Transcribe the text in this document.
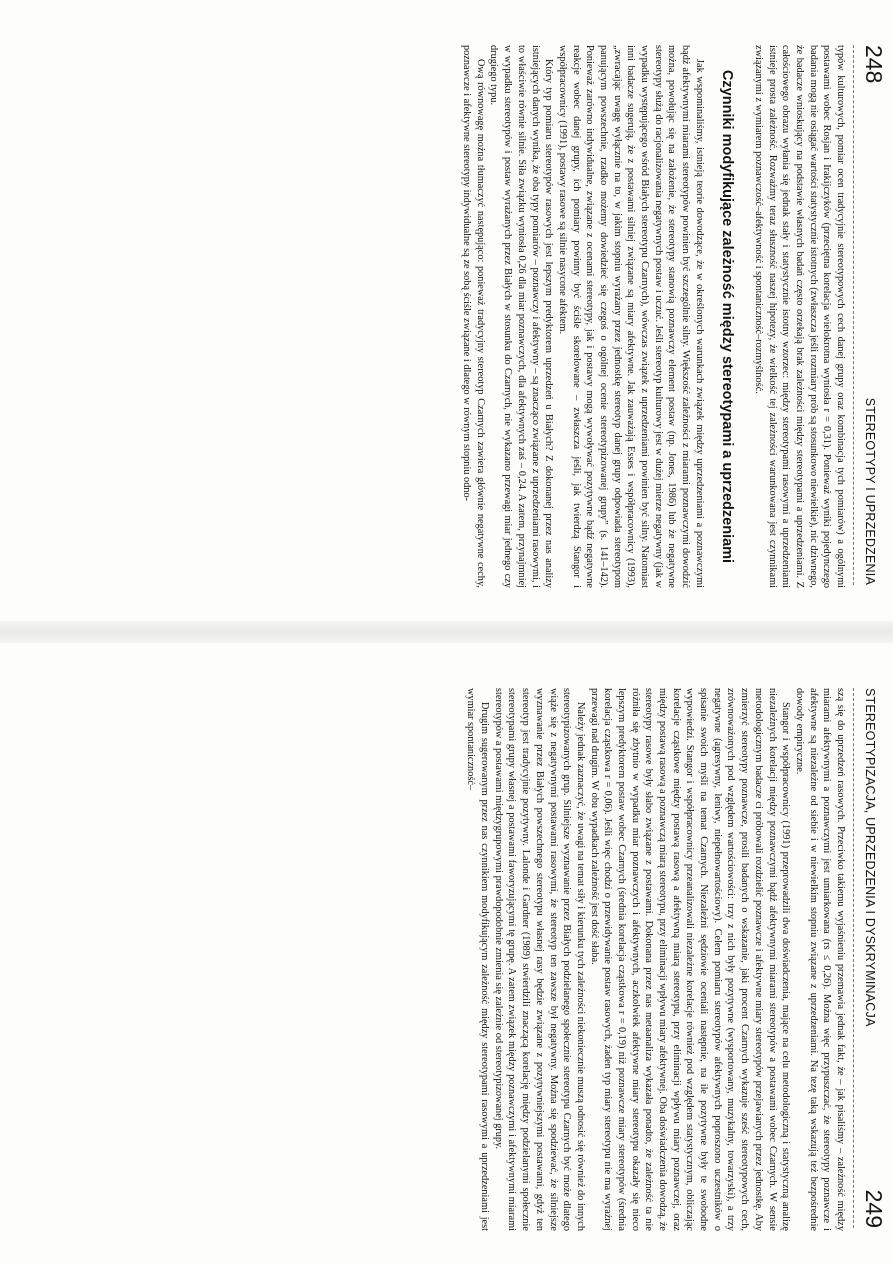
248
STEREOTYPY I UPRZEDZENIA

typów kulturowych, pomiar ocen tradycyjnie stereotypowych cech danej grupy oraz kombinacja tych pomiarów) a ogólnymi postawami wobec Rosjan i Irakijczyków (przeciętna korelacja wielokrotna wyniosła r = 0,31). Ponieważ wyniki pojedynczego badania mogą nie osiągać wartości statystycznie istotnych (zwłaszcza jeśli rozmiary prób są stosunkowo niewielkie), nic dziwnego, że badacze wnioskujący na podstawie własnych badań często orzekają brak zależności między stereotypami a uprzedzeniami. Z całościowego obrazu wyłania się jednak stały i statystycznie istotny wzorzec: między stereotypami rasowymi a uprzedzeniami istnieje prosta zależność. Rozważmy teraz słuszność naszej hipotezy, że wielkość tej zależności warunkowana jest czynnikami związanymi z wymiarem poznawczość–afektywność i spontaniczność–rozmyślność.

Czynniki modyfikujące zależność między stereotypami a uprzedzeniami

Jak wspominaliśmy, istnieją teorie dowodzące, że w określonych warunkach związek między uprzedzeniami a poznawczymi bądź afektywnymi miarami stereotypów powinien być szczególnie silny. Większość zależności z miarami poznawczymi dowodzić można, powołując się na założenie, że stereotypy stanowią poznawczy element postaw (np. Jones, 1986) lub że negatywne stereotypy służą do racjonalizowania negatywnych postaw i uczuć. Jeśli stereotyp kulturowy jest w dużej mierze negatywny (jak w wypadku występującego wśród Białych stereotypu Czarnych), wówczas związek z uprzedzeniami powinien być silny. Natomiast inni badacze sugerują, że z postawami silniej związane są miary afektywne. Jak zauważają Esses i współpracownicy (1993), „zwracając uwagę wyłącznie na to, w jakim stopniu wyrażany przez jednostkę stereotyp danej grupy odpowiada stereotypom panującym powszechnie, rzadko możemy dowiedzieć się czegoś o ogólnej ocenie stereotypizowanej grupy” (s. 141–142). Ponieważ zarówno indywidualne, związane z ocenami stereotypy, jak i postawy mogą wywoływać pozytywne bądź negatywne reakcje wobec danej grupy, ich pomiary powinny być ściśle skorelowane – zwłaszcza jeśli, jak twierdzą Stangor i współpracownicy (1991), postawy rasowe są silnie nasycone afektem.

Który typ pomiaru stereotypów rasowych jest lepszym predyktorem uprzedzeń u Białych? Z dokonanej przez nas analizy istniejących danych wynika, że oba typy pomiarów – poznawczy i afektywny – są znacząco związane z uprzedzeniami rasowymi, i to właściwie równie silnie. Siła związku wyniosła 0,26 dla miar poznawczych, dla afektywnych zaś – 0,24. A zatem, przynajmniej w wypadku stereotypów i postaw wyrażanych przez Białych w stosunku do Czarnych, nie wykazano przewagi miar jednego czy drugiego typu.

Ową równowagę można tłumaczyć następująco: ponieważ tradycyjny stereotyp Czarnych zawiera głównie negatywne cechy, poznawcze i afektywne stereotypy indywidualne są ze sobą ściśle związane i dlatego w równym stopniu odno-

STEREOTYPIZACJA, UPRZEDZENIA I DYSKRYMINACJA
249

szą się do uprzedzeń rasowych. Przeciwko takiemu wyjaśnieniu przemawia jednak fakt, że – jak pisaliśmy – zależność między miarami afektywnymi a poznawczymi jest umiarkowana (rs ≤ 0,26). Można więc przypuszczać, że stereotypy poznawcze i afektywne są niezależne od siebie i w niewielkim stopniu związane z uprzedzeniami. Na tezę taką wskazują też bezpośrednie dowody empiryczne.

Stangor i współpracownicy (1991) przeprowadzili dwa doświadczenia, mające na celu metodologiczną i statystyczną analizę niezależnych korelacji między poznawczymi bądź afektywnymi miarami stereotypów a postawami wobec Czarnych. W sensie metodologicznym badacze ci próbowali rozdzielić poznawcze i afektywne miary stereotypów przejawianych przez jednostkę. Aby zmierzyć stereotypy poznawcze, prosili badanych o wskazanie, jaki procent Czarnych wykazuje sześć stereotypowych cech, zrównoważonych pod względem wartościowości: trzy z nich były pozytywne (wysportowany, muzykalny, towarzyski), a trzy negatywne (agresywny, leniwy, niepełnowartościowy). Celem pomiaru stereotypów afektywnych poproszono uczestników o spisanie swoich myśli na temat Czarnych. Niezależni sędziowie oceniali następnie, na ile pozytywne były te swobodne wypowiedzi. Stangor i współpracownicy przeanalizowali niezależne korelacje również pod względem statystycznym, obliczając korelacje cząstkowe między postawą rasową a afektywną miarą stereotypu, przy eliminacji wpływu miary poznawczej, oraz między postawą rasową a poznawczą miarą stereotypu, przy eliminacji wpływu miary afektywnej. Oba doświadczenia dowodzą, że stereotypy rasowe były słabo związane z postawami. Dokonana przez nas metaanaliza wykazała ponadto, że zależność ta nie różniła się zbytnio w wypadku miar poznawczych i afektywnych, aczkolwiek afektywne miary stereotypu okazały się nieco lepszym predyktorem postaw wobec Czarnych (średnia korelacja cząstkowa r = 0,19) niż poznawcze miary stereotypów (średnia korelacja cząstkowa r = 0,06). Jeśli więc chodzi o przewidywanie postaw rasowych, żaden typ miary stereotypu nie ma wyraźnej przewagi nad drugim. W obu wypadkach zależność jest dość słaba.

Należy jednak zaznaczyć, że uwagi na temat siły i kierunku tych zależności niekoniecznie muszą odnosić się również do innych stereotypizowanych grup. Silniejsze wyznawanie przez Białych podzielanego społecznie stereotypu Czarnych być może dlatego wiąże się z negatywnymi postawami rasowymi, że stereotyp ten zawsze był negatywny. Można się spodziewać, że silniejsze wyznawanie przez Białych powszechnego stereotypu własnej rasy będzie związane z pozytywniejszymi postawami, gdyż ten stereotyp jest tradycyjnie pozytywny. Lalonde i Gardner (1989) stwierdzili znaczącą korelację między podzielanymi społecznie stereotypami grupy własnej a postawami faworyzującymi tę grupę. A zatem związek między poznawczymi i afektywnymi miarami stereotypów a postawami międzygrupowymi prawdopodobnie zmienia się zależnie od stereotypizowanej grupy.

Drugim sugerowanym przez nas czynnikiem modyfikującym zależność między stereotypami rasowymi a uprzedzeniami jest wymiar spontaniczność–
